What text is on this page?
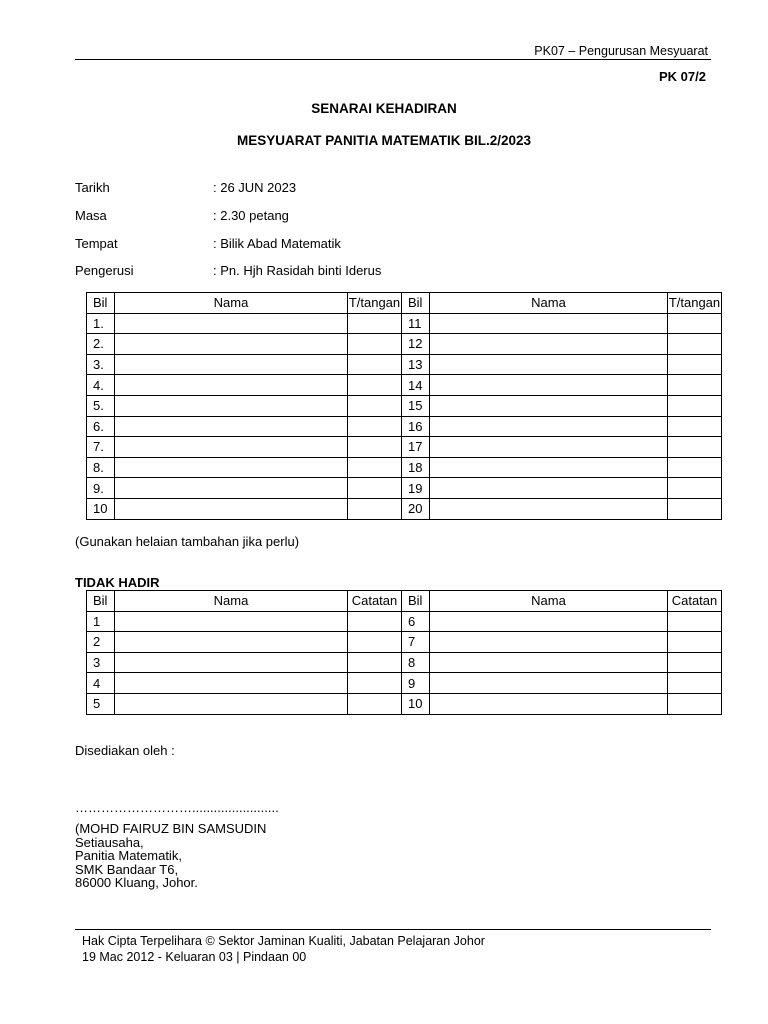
PK07 – Pengurusan Mesyuarat
PK 07/2
SENARAI KEHADIRAN
MESYUARAT PANITIA MATEMATIK BIL.2/2023
Tarikh	: 26 JUN 2023
Masa	: 2.30 petang
Tempat	: Bilik Abad Matematik
Pengerusi	: Pn. Hjh Rasidah binti Iderus
Bil	Nama	T/tangan	Bil	Nama	T/tangan
1.			11		
2.			12		
3.			13		
4.			14		
5.			15		
6.			16		
7.			17		
8.			18		
9.			19		
10			20		
(Gunakan helaian tambahan jika perlu)
TIDAK HADIR
Bil	Nama	Catatan	Bil	Nama	Catatan
1			6		
2			7		
3			8		
4			9		
5			10		
Disediakan oleh :
………………………........................
(MOHD FAIRUZ BIN SAMSUDIN
Setiausaha,
Panitia Matematik,
SMK Bandaar T6,
86000 Kluang, Johor.
Hak Cipta Terpelihara © Sektor Jaminan Kualiti, Jabatan Pelajaran Johor
19 Mac 2012 - Keluaran 03 | Pindaan 00
